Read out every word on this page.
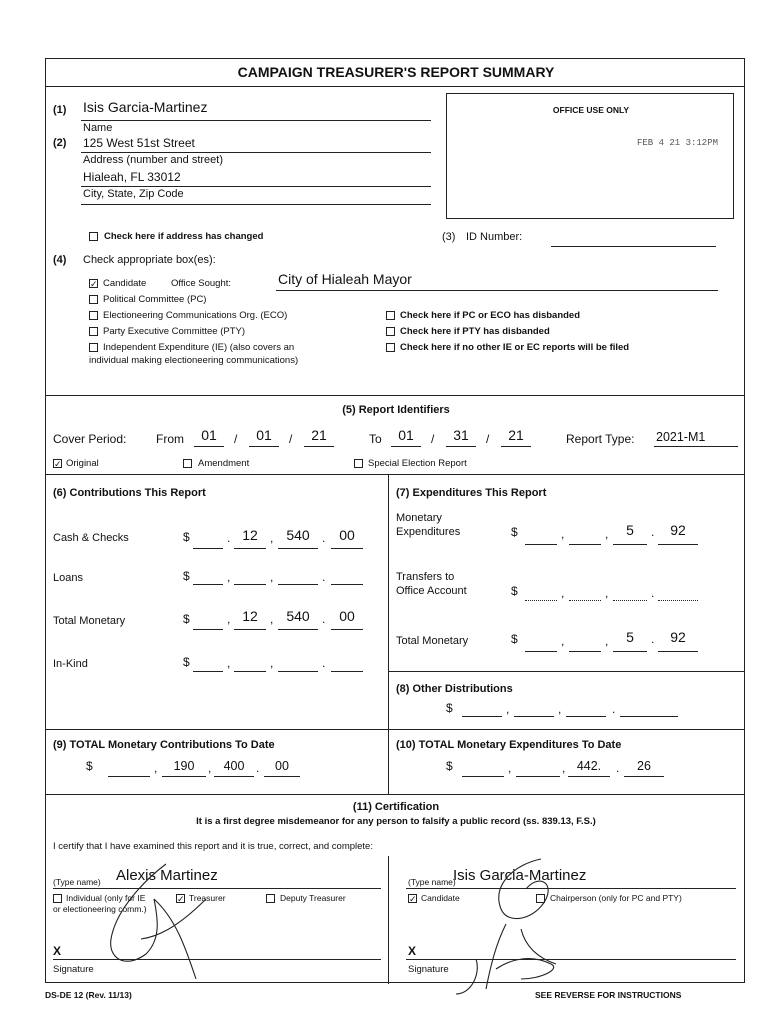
CAMPAIGN TREASURER'S REPORT SUMMARY
OFFICE USE ONLY
FEB 4 21 3:12PM
(1) Isis Garcia-Martinez
Name
(2) 125 West 51st Street
Address (number and street)
Hialeah, FL 33012
City, State, Zip Code
Check here if address has changed	(3) ID Number:
(4) Check appropriate box(es):
✓ Candidate	Office Sought:	City of Hialeah Mayor
Political Committee (PC)
Electioneering Communications Org. (ECO)	Check here if PC or ECO has disbanded
Party Executive Committee (PTY)	Check here if PTY has disbanded
Independent Expenditure (IE) (also covers an
individual making electioneering communications)
Check here if no other IE or EC reports will be filed
(5) Report Identifiers
Cover Period: From	01	/	01	/	21	To	01	/	31	/	21	Report Type: 2021-M1
✓ Original	Amendment	Special Election Report
(6) Contributions This Report
Cash & Checks	$	. 12	, 540	. 00
Loans	$	,	,	.
Total Monetary	$	, 12	, 540	. 00
In-Kind	$	,	,	.
(7) Expenditures This Report
Monetary
Expenditures	$	,	,	5	.	92
Transfers to
Office Account	$	,	,	.
Total Monetary	$	,	,	5	.	92
(8) Other Distributions
$	,	,	.
(9) TOTAL Monetary Contributions To Date
$	,	190	, 400 .	00
(10) TOTAL Monetary Expenditures To Date
$	,	, 442.	.	26
(11) Certification
It is a first degree misdemeanor for any person to falsify a public record (ss. 839.13, F.S.)
I certify that I have examined this report and it is true, correct, and complete:
(Type name) Alexis Martinez
Individual (only for IE
or electioneering comm.)
✓ Treasurer	Deputy Treasurer
X
Signature
(Type name)
Isis Garcia-Martinez
✓ Candidate	Chairperson (only for PC and PTY)
X
Signature
DS-DE 12 (Rev. 11/13)	SEE REVERSE FOR INSTRUCTIONS
